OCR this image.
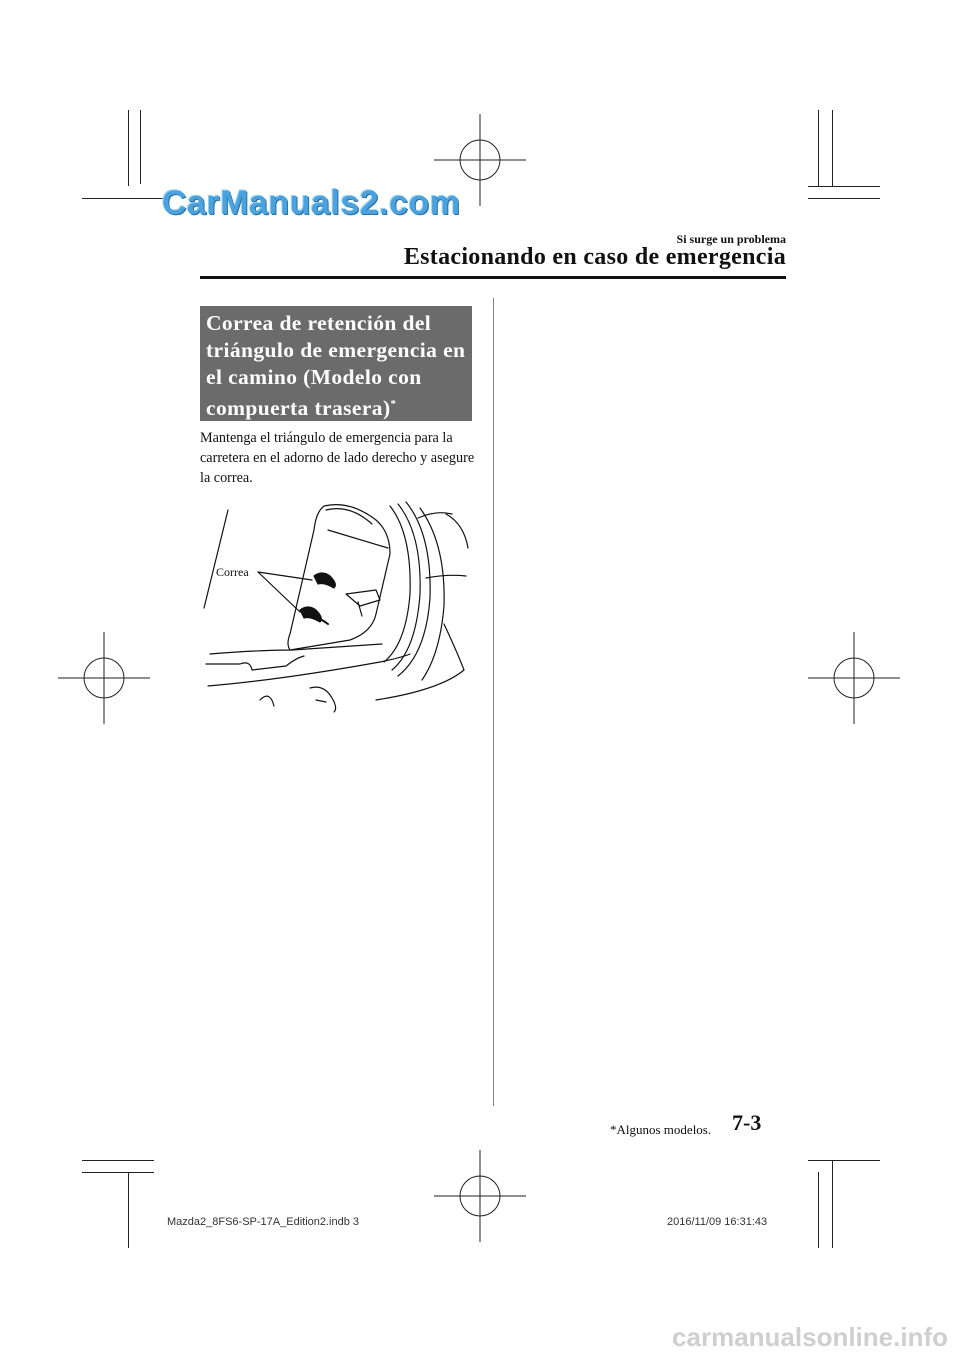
CarManuals2.com
Si surge un problema
Estacionando en caso de emergencia
Correa de retención del triángulo de emergencia en el camino (Modelo con compuerta trasera)*
Mantenga el triángulo de emergencia para la carretera en el adorno de lado derecho y asegure la correa.
Correa
*Algunos modelos. 7-3
Mazda2_8FS6-SP-17A_Edition2.indb 3	2016/11/09 16:31:43
carmanualsonline.info
